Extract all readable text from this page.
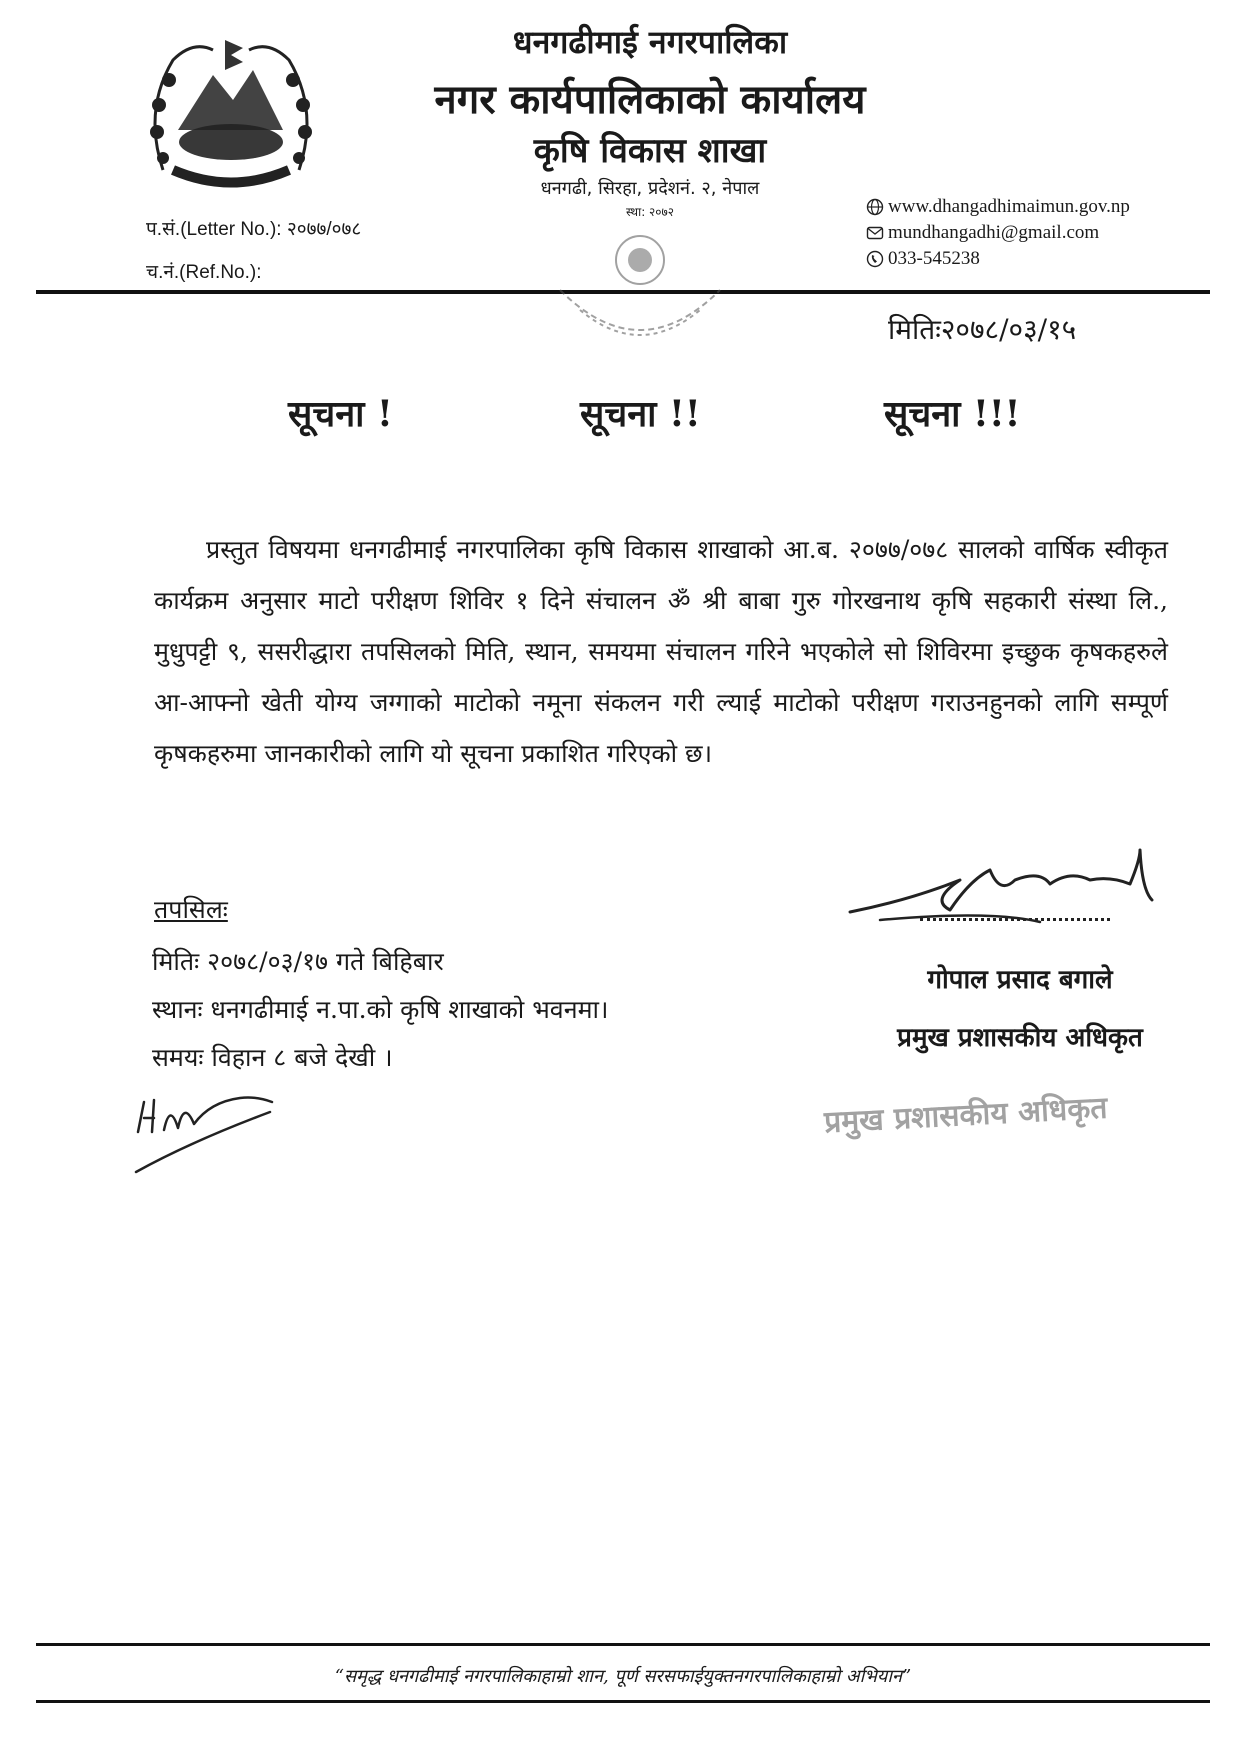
धनगढीमाई नगरपालिका
नगर कार्यपालिकाको कार्यालय
कृषि विकास शाखा
धनगढी, सिरहा, प्रदेशनं. २, नेपाल
स्था: २०७२
प.सं.(Letter No.): २०७७/०७८
च.नं.(Ref.No.):
www.dhangadhimaimun.gov.np
mundhangadhi@gmail.com
033-545238
मितिः२०७८/०३/१५
सूचना !	सूचना !!	सूचना !!!
प्रस्तुत विषयमा धनगढीमाई नगरपालिका कृषि विकास शाखाको आ.ब. २०७७/०७८ सालको वार्षिक स्वीकृत कार्यक्रम अनुसार माटो परीक्षण शिविर १ दिने संचालन ॐ श्री बाबा गुरु गोरखनाथ कृषि सहकारी संस्था लि., मुधुपट्टी ९, ससरीद्धारा तपसिलको मिति, स्थान, समयमा संचालन गरिने भएकोले सो शिविरमा इच्छुक कृषकहरुले आ-आफ्नो खेती योग्य जग्गाको माटोको नमूना संकलन गरी ल्याई माटोको परीक्षण गराउनहुनको लागि सम्पूर्ण कृषकहरुमा जानकारीको लागि यो सूचना प्रकाशित गरिएको छ।
तपसिलः
मितिः २०७८/०३/१७ गते बिहिबार
स्थानः धनगढीमाई न.पा.को कृषि शाखाको भवनमा।
समयः विहान ८ बजे देखी ।
गोपाल प्रसाद बगाले
प्रमुख प्रशासकीय अधिकृत
प्रमुख प्रशासकीय अधिकृत
“समृद्ध धनगढीमाई नगरपालिकाहाम्रो शान, पूर्ण सरसफाईयुक्तनगरपालिकाहाम्रो अभियान”
